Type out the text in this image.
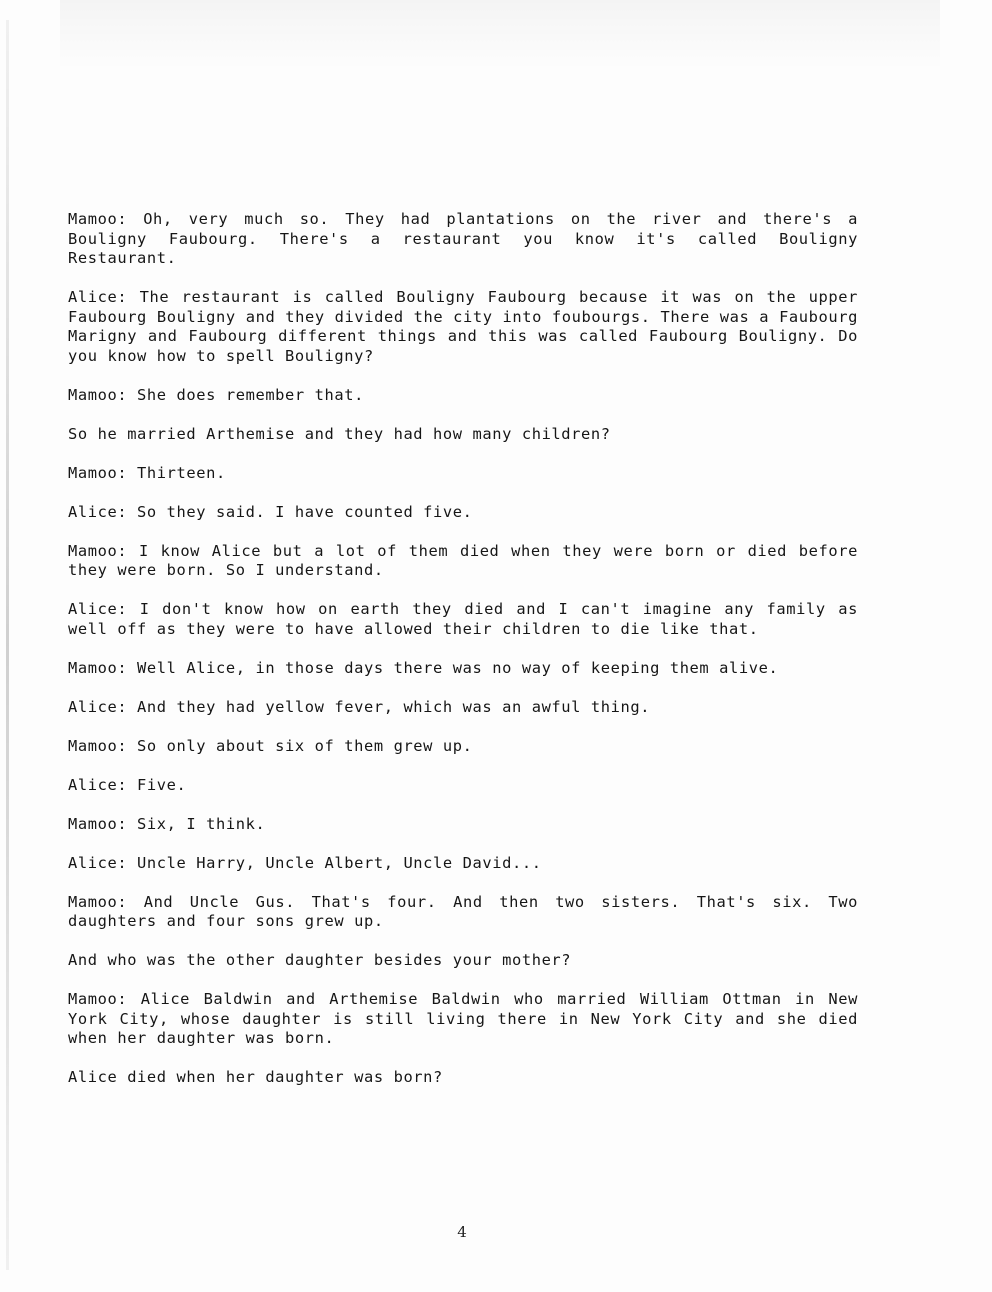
Mamoo: Oh, very much so. They had plantations on the river and there's a Bouligny Faubourg. There's a restaurant you know it's called Bouligny Restaurant.

Alice: The restaurant is called Bouligny Faubourg because it was on the upper Faubourg Bouligny and they divided the city into foubourgs. There was a Faubourg Marigny and Faubourg different things and this was called Faubourg Bouligny. Do you know how to spell Bouligny?

Mamoo: She does remember that.

So he married Arthemise and they had how many children?

Mamoo: Thirteen.

Alice: So they said. I have counted five.

Mamoo: I know Alice but a lot of them died when they were born or died before they were born. So I understand.

Alice: I don't know how on earth they died and I can't imagine any family as well off as they were to have allowed their children to die like that.

Mamoo: Well Alice, in those days there was no way of keeping them alive.

Alice: And they had yellow fever, which was an awful thing.

Mamoo: So only about six of them grew up.

Alice: Five.

Mamoo: Six, I think.

Alice: Uncle Harry, Uncle Albert, Uncle David...

Mamoo: And Uncle Gus. That's four. And then two sisters. That's six. Two daughters and four sons grew up.

And who was the other daughter besides your mother?

Mamoo: Alice Baldwin and Arthemise Baldwin who married William Ottman in New York City, whose daughter is still living there in New York City and she died when her daughter was born.

Alice died when her daughter was born?

4
